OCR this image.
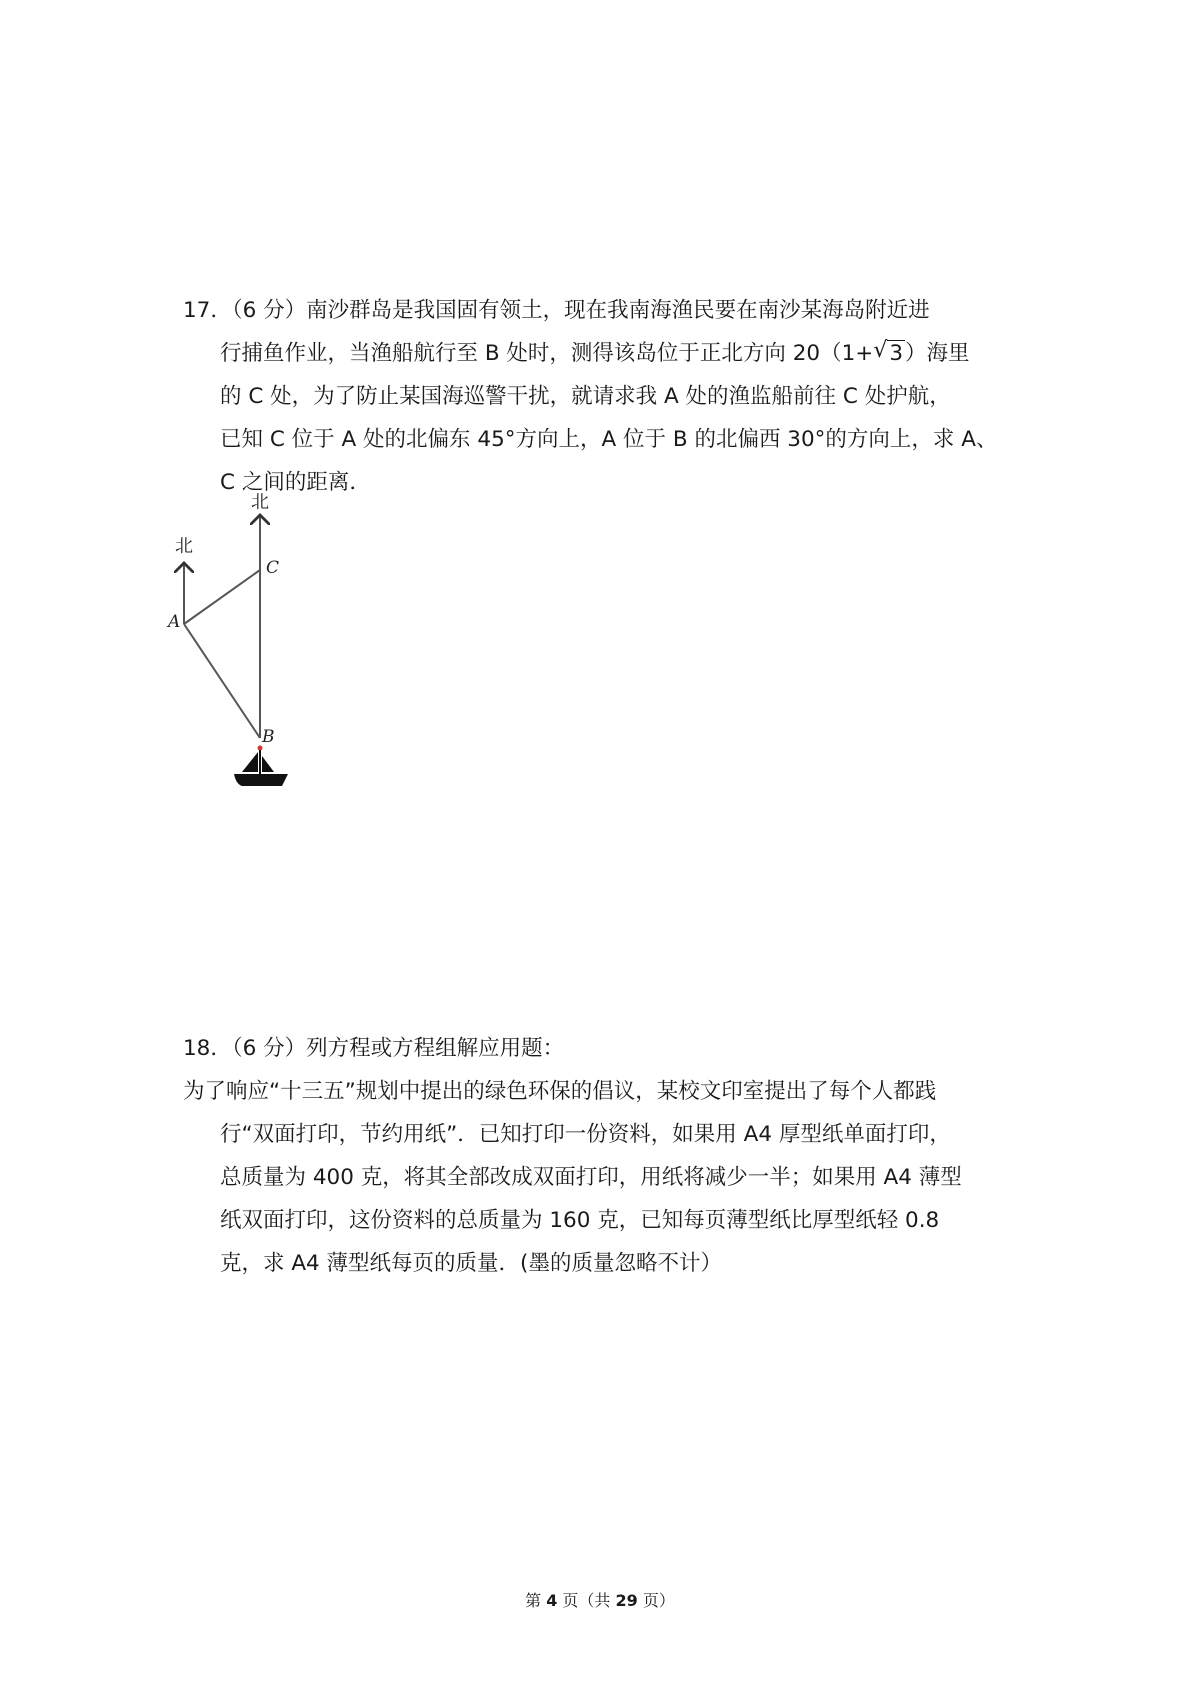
17．（6 分）南沙群岛是我国固有领土，现在我南海渔民要在南沙某海岛附近进

行捕鱼作业，当渔船航行至 B 处时，测得该岛位于正北方向 20（1+ √ 3）海里

的 C 处，为了防止某国海巡警干扰，就请求我 A 处的渔监船前往 C 处护航，

已知 C 位于 A 处的北偏东 45°方向上，A 位于 B 的北偏西 30°的方向上，求 A、

C 之间的距离．

北
北
C
A
B

18．（6 分）列方程或方程组解应用题：

为了响应“十三五”规划中提出的绿色环保的倡议，某校文印室提出了每个人都践

行“双面打印，节约用纸”．已知打印一份资料，如果用 A4 厚型纸单面打印，

总质量为 400 克，将其全部改成双面打印，用纸将减少一半；如果用 A4 薄型

纸双面打印，这份资料的总质量为 160 克，已知每页薄型纸比厚型纸轻 0.8

克，求 A4 薄型纸每页的质量．(墨的质量忽略不计）

第 4 页（共 29 页）
